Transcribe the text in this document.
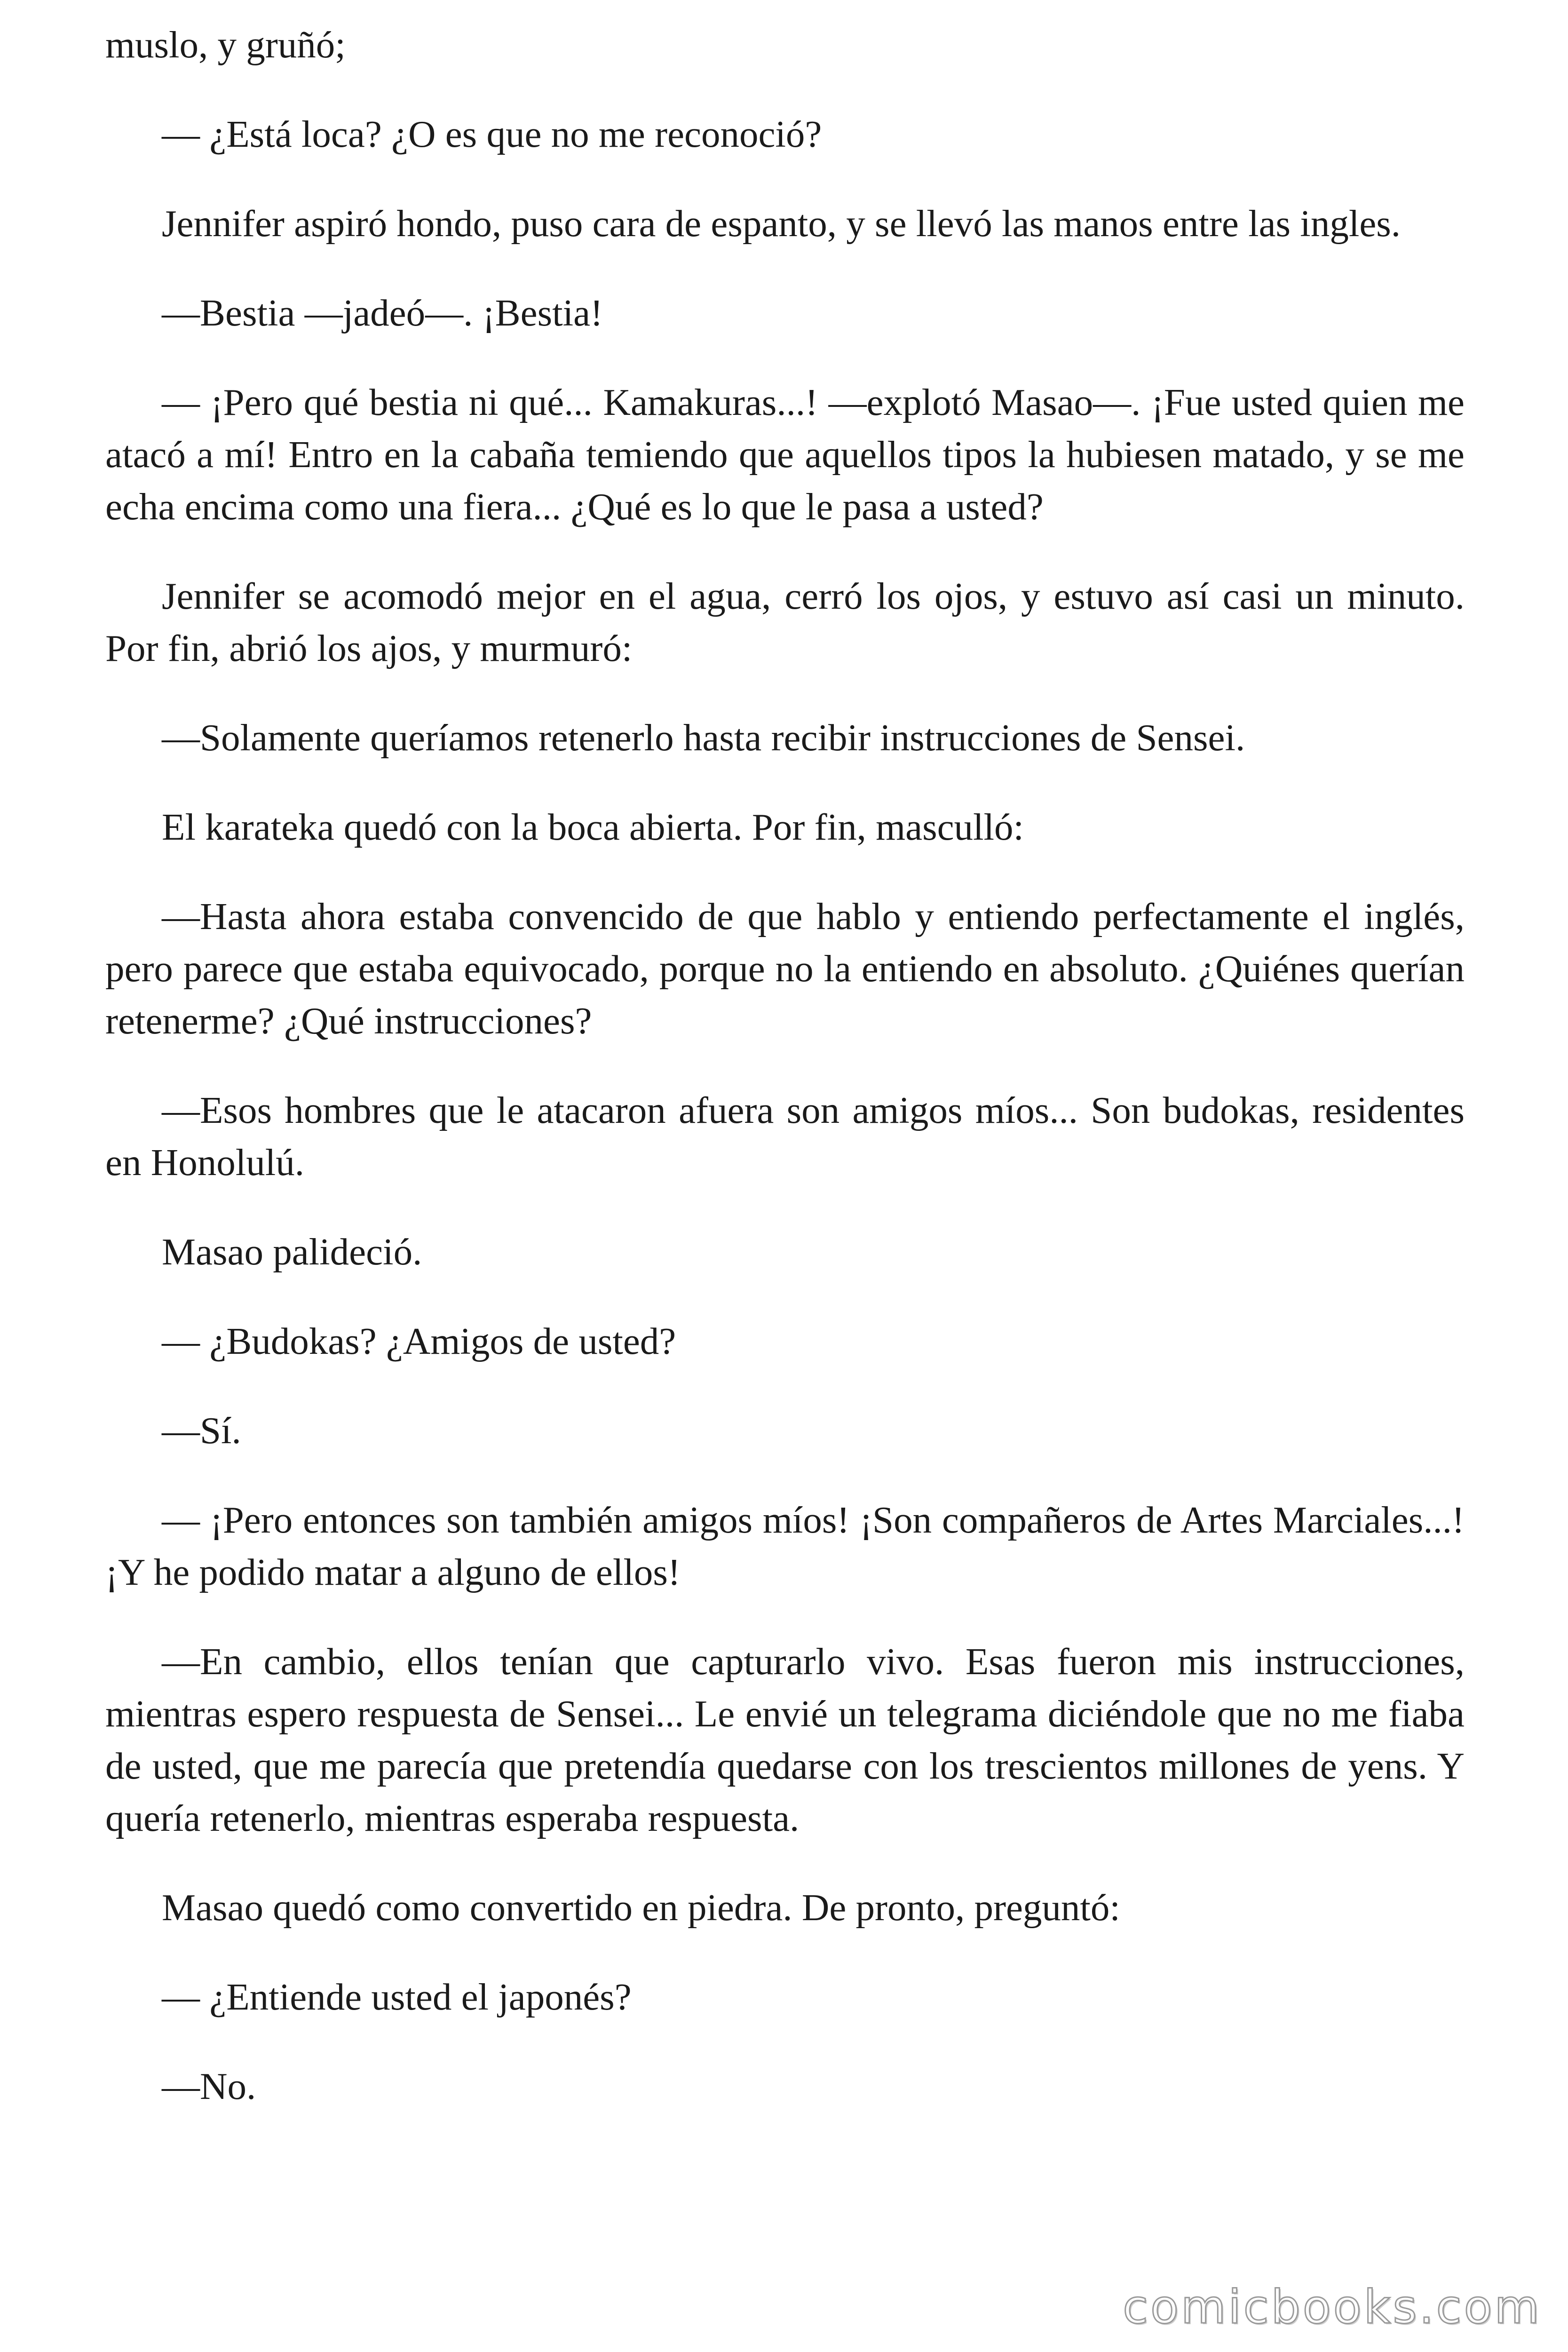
muslo, y gruñó;

— ¿Está loca? ¿O es que no me reconoció?

Jennifer aspiró hondo, puso cara de espanto, y se llevó las manos entre las ingles.

—Bestia —jadeó—. ¡Bestia!

— ¡Pero qué bestia ni qué... Kamakuras...! —explotó Masao—. ¡Fue usted quien me atacó a mí! Entro en la cabaña temiendo que aquellos tipos la hubiesen matado, y se me echa encima como una fiera... ¿Qué es lo que le pasa a usted?

Jennifer se acomodó mejor en el agua, cerró los ojos, y estuvo así casi un minuto. Por fin, abrió los ajos, y murmuró:

—Solamente queríamos retenerlo hasta recibir instrucciones de Sensei.

El karateka quedó con la boca abierta. Por fin, masculló:

—Hasta ahora estaba convencido de que hablo y entiendo perfectamente el inglés, pero parece que estaba equivocado, porque no la entiendo en absoluto. ¿Quiénes querían retenerme? ¿Qué instrucciones?

—Esos hombres que le atacaron afuera son amigos míos... Son budokas, residentes en Honolulú.

Masao palideció.

— ¿Budokas? ¿Amigos de usted?

—Sí.

— ¡Pero entonces son también amigos míos! ¡Son compañeros de Artes Marciales...! ¡Y he podido matar a alguno de ellos!

—En cambio, ellos tenían que capturarlo vivo. Esas fueron mis instrucciones, mientras espero respuesta de Sensei... Le envié un telegrama diciéndole que no me fiaba de usted, que me parecía que pretendía quedarse con los trescientos millones de yens. Y quería retenerlo, mientras esperaba respuesta.

Masao quedó como convertido en piedra. De pronto, preguntó:

— ¿Entiende usted el japonés?

—No.

comicbooks.com
